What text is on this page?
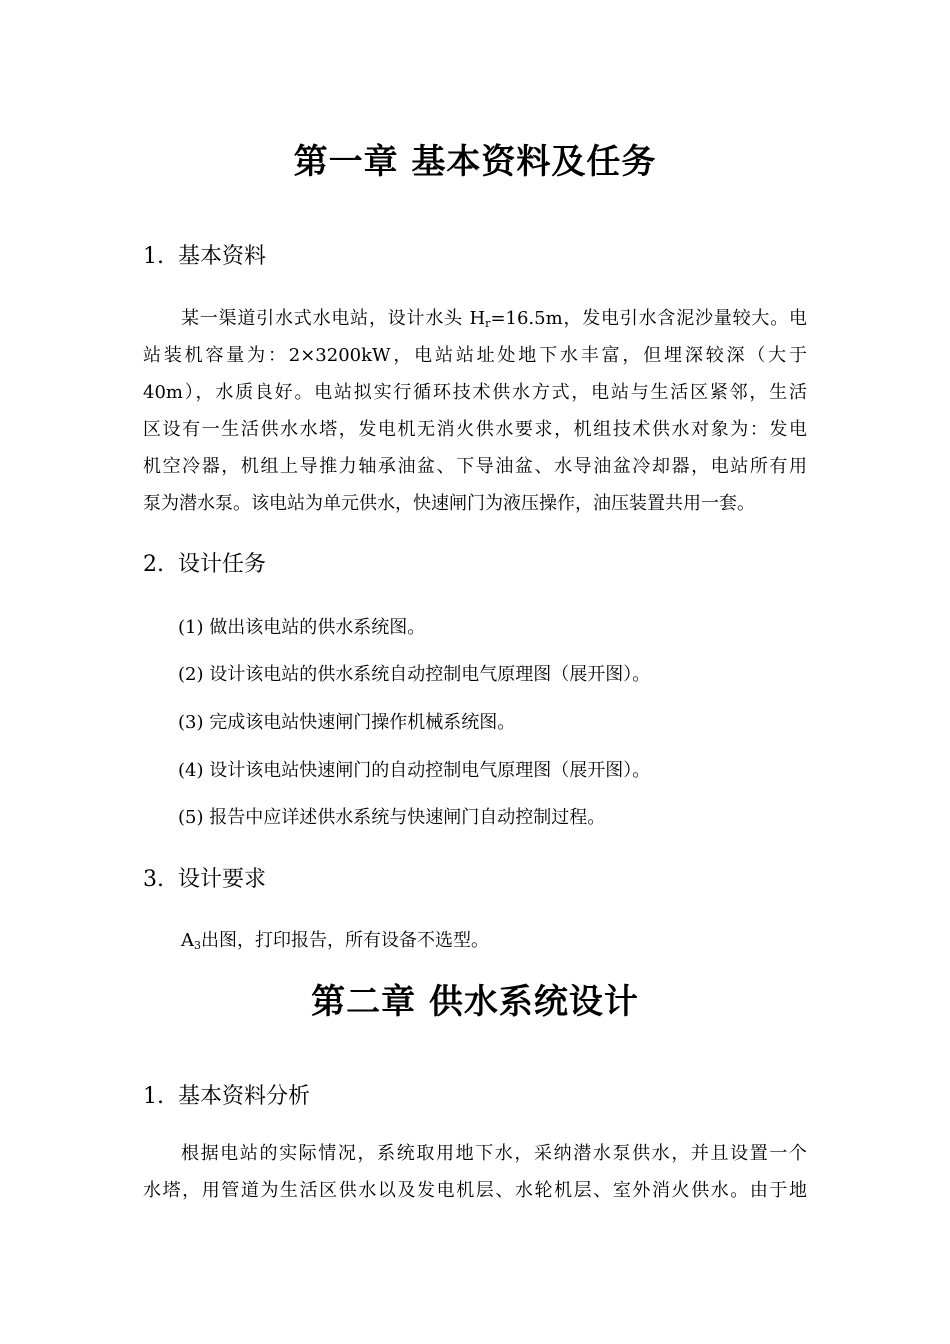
第一章 基本资料及任务
1. 基本资料
某一渠道引水式水电站，设计水头 $H_r=16.5m$，发电引水含泥沙量较大。电
站装机容量为：2×3200kW，电站站址处地下水丰富，但埋深较深（大于
40m），水质良好。电站拟实行循环技术供水方式，电站与生活区紧邻，生活
区设有一生活供水水塔，发电机无消火供水要求，机组技术供水对象为：发电
机空冷器，机组上导推力轴承油盆、下导油盆、水导油盆冷却器，电站所有用
泵为潜水泵。该电站为单元供水，快速闸门为液压操作，油压装置共用一套。
2. 设计任务
(1) 做出该电站的供水系统图。
(2) 设计该电站的供水系统自动控制电气原理图（展开图）。
(3) 完成该电站快速闸门操作机械系统图。
(4) 设计该电站快速闸门的自动控制电气原理图（展开图）。
(5) 报告中应详述供水系统与快速闸门自动控制过程。
3. 设计要求
$A_3$出图，打印报告，所有设备不选型。
第二章 供水系统设计
1. 基本资料分析
根据电站的实际情况，系统取用地下水，采纳潜水泵供水，并且设置一个
水塔，用管道为生活区供水以及发电机层、水轮机层、室外消火供水。由于地
